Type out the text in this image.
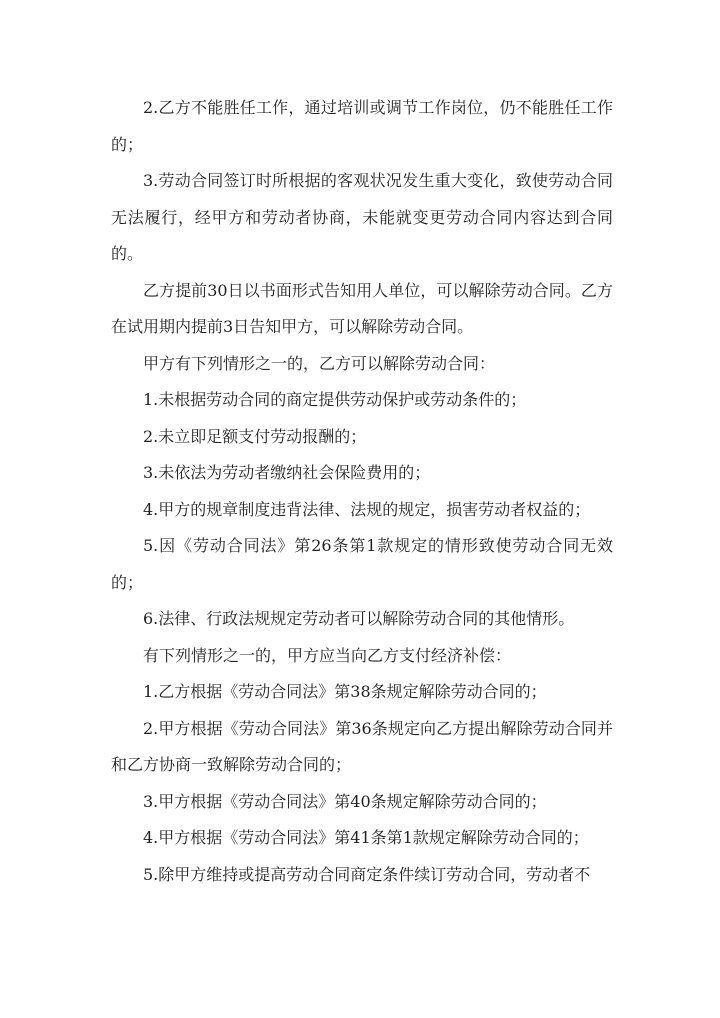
2.乙方不能胜任工作，通过培训或调节工作岗位，仍不能胜任工作的；

3.劳动合同签订时所根据的客观状况发生重大变化，致使劳动合同无法履行，经甲方和劳动者协商，未能就变更劳动合同内容达到合同的。

乙方提前30日以书面形式告知用人单位，可以解除劳动合同。乙方在试用期内提前3日告知甲方，可以解除劳动合同。

甲方有下列情形之一的，乙方可以解除劳动合同：

1.未根据劳动合同的商定提供劳动保护或劳动条件的；

2.未立即足额支付劳动报酬的；

3.未依法为劳动者缴纳社会保险费用的；

4.甲方的规章制度违背法律、法规的规定，损害劳动者权益的；

5.因《劳动合同法》第26条第1款规定的情形致使劳动合同无效的；

6.法律、行政法规规定劳动者可以解除劳动合同的其他情形。

有下列情形之一的，甲方应当向乙方支付经济补偿：

1.乙方根据《劳动合同法》第38条规定解除劳动合同的；

2.甲方根据《劳动合同法》第36条规定向乙方提出解除劳动合同并和乙方协商一致解除劳动合同的；

3.甲方根据《劳动合同法》第40条规定解除劳动合同的；

4.甲方根据《劳动合同法》第41条第1款规定解除劳动合同的；

5.除甲方维持或提高劳动合同商定条件续订劳动合同，劳动者不
